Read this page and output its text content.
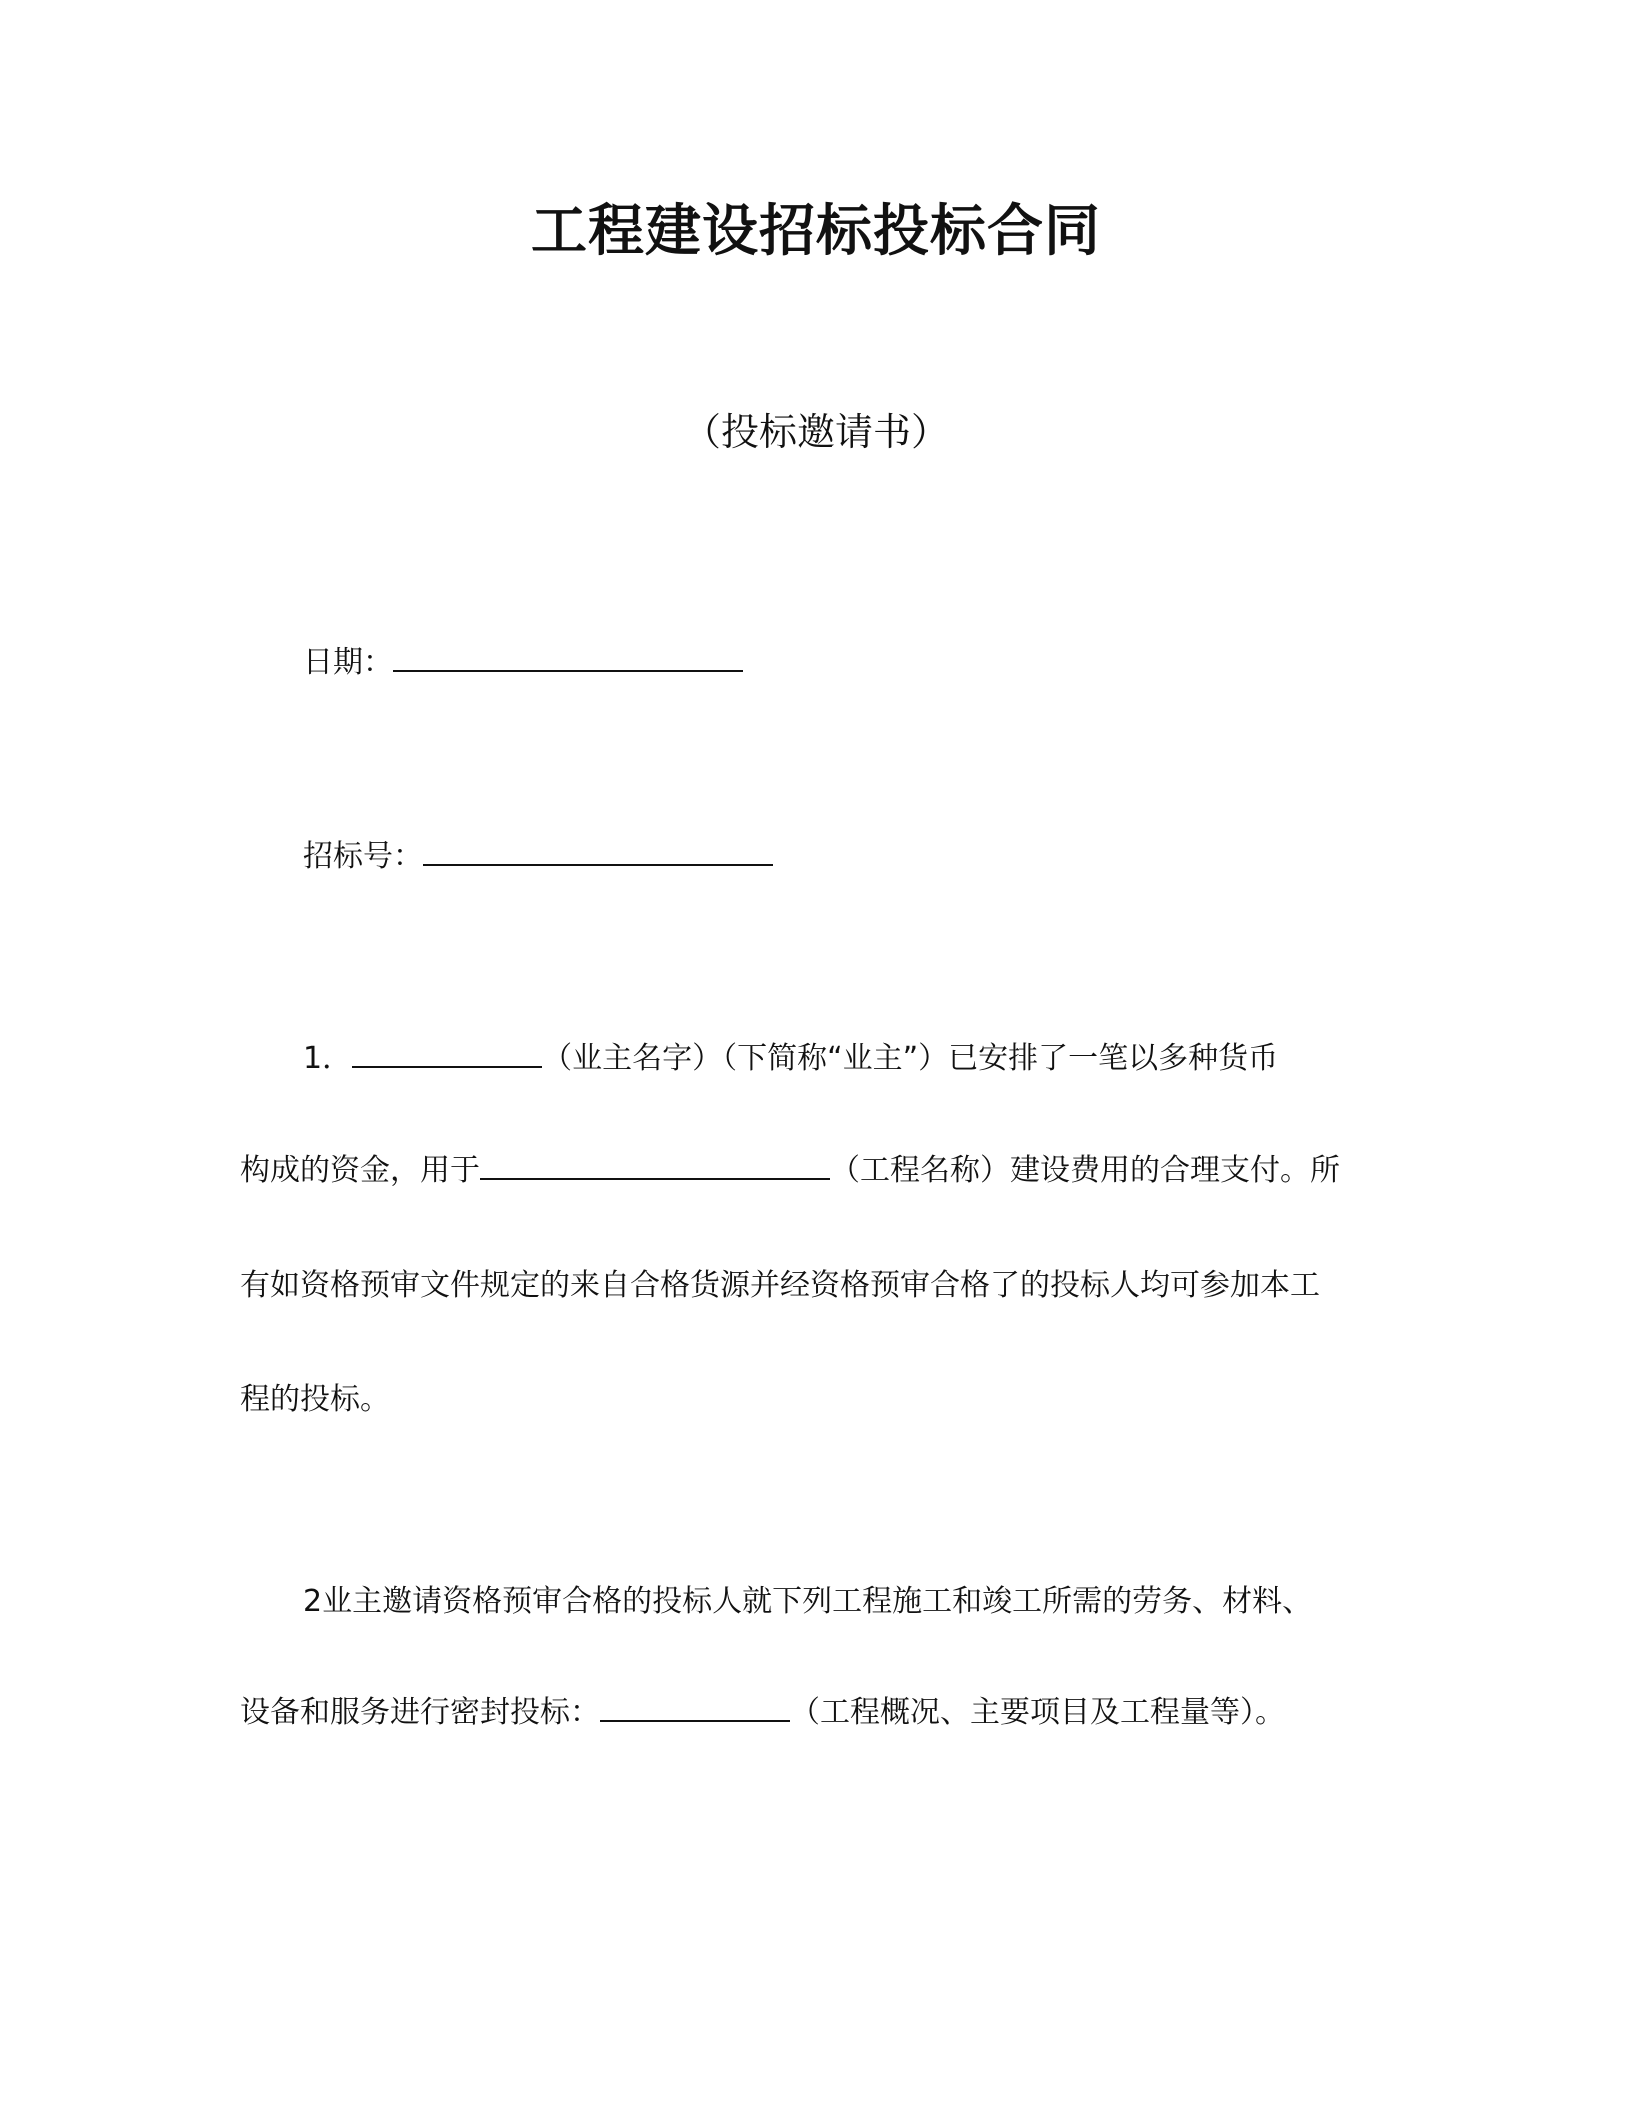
工程建设招标投标合同
（投标邀请书）
日期：
招标号：
1．	（业主名字）（下简称“业主”）已安排了一笔以多种货币
构成的资金，用于	（工程名称）建设费用的合理支付。所
有如资格预审文件规定的来自合格货源并经资格预审合格了的投标人均可参加本工
程的投标。
2业主邀请资格预审合格的投标人就下列工程施工和竣工所需的劳务、材料、
设备和服务进行密封投标：	（工程概况、主要项目及工程量等）。
